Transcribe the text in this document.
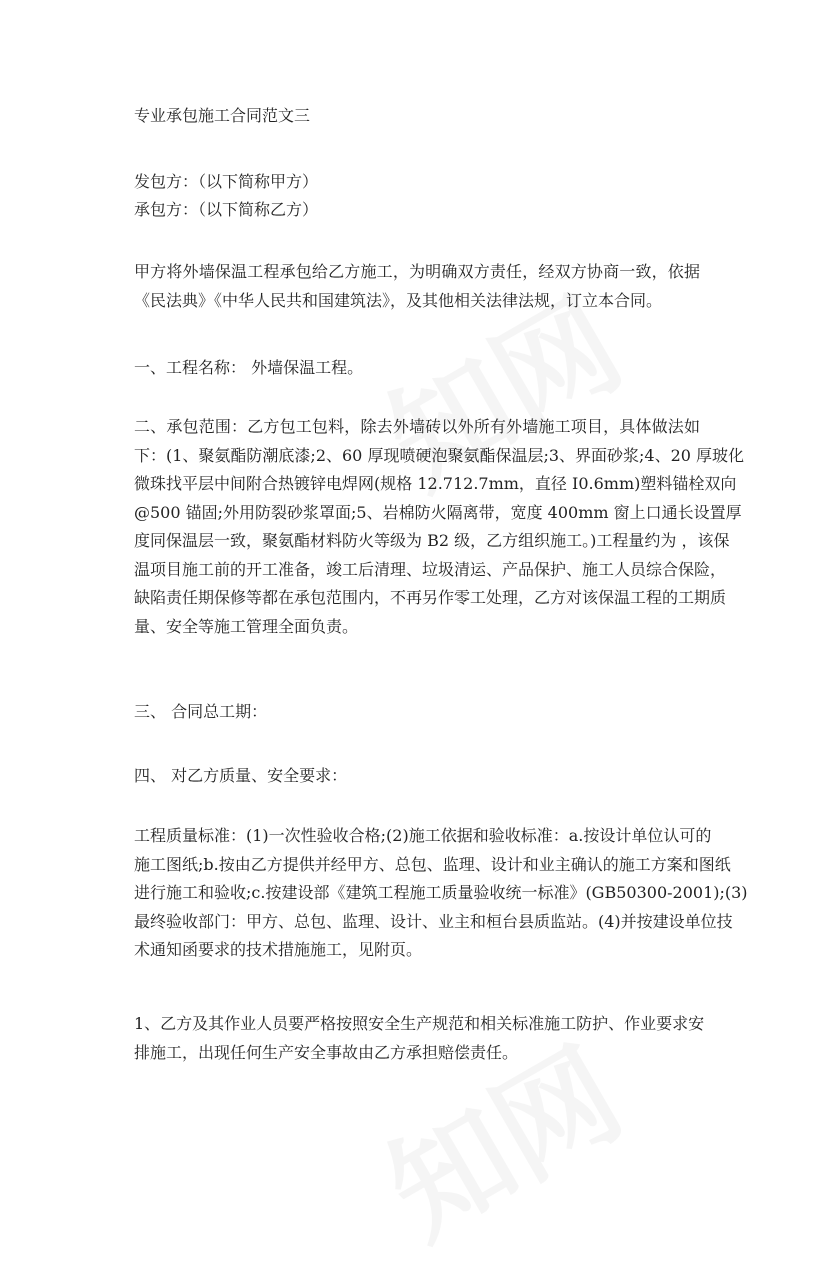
专业承包施工合同范文三

发包方：（以下简称甲方）

承包方：（以下简称乙方）

甲方将外墙保温工程承包给乙方施工，为明确双方责任，经双方协商一致，依据
《民法典》《中华人民共和国建筑法》，及其他相关法律法规，订立本合同。

一、工程名称： 外墙保温工程。

二、承包范围：乙方包工包料，除去外墙砖以外所有外墙施工项目，具体做法如
下：(1、聚氨酯防潮底漆;2、60 厚现喷硬泡聚氨酯保温层;3、界面砂浆;4、20 厚玻化
微珠找平层中间附合热镀锌电焊网(规格 12.712.7mm，直径 I0.6mm)塑料锚栓双向
@500 锚固;外用防裂砂浆罩面;5、岩棉防火隔离带，宽度 400mm 窗上口通长设置厚
度同保温层一致，聚氨酯材料防火等级为 B2 级，乙方组织施工。)工程量约为 ，该保
温项目施工前的开工准备，竣工后清理、垃圾清运、产品保护、施工人员综合保险，
缺陷责任期保修等都在承包范围内，不再另作零工处理，乙方对该保温工程的工期质
量、安全等施工管理全面负责。

三、 合同总工期：

四、 对乙方质量、安全要求：

工程质量标准：(1)一次性验收合格;(2)施工依据和验收标准：a.按设计单位认可的
施工图纸;b.按由乙方提供并经甲方、总包、监理、设计和业主确认的施工方案和图纸
进行施工和验收;c.按建设部《建筑工程施工质量验收统一标准》(GB50300-2001);(3)
最终验收部门：甲方、总包、监理、设计、业主和桓台县质监站。(4)并按建设单位技
术通知函要求的技术措施施工，见附页。
1、乙方及其作业人员要严格按照安全生产规范和相关标准施工防护、作业要求安
排施工，出现任何生产安全事故由乙方承担赔偿责任。
